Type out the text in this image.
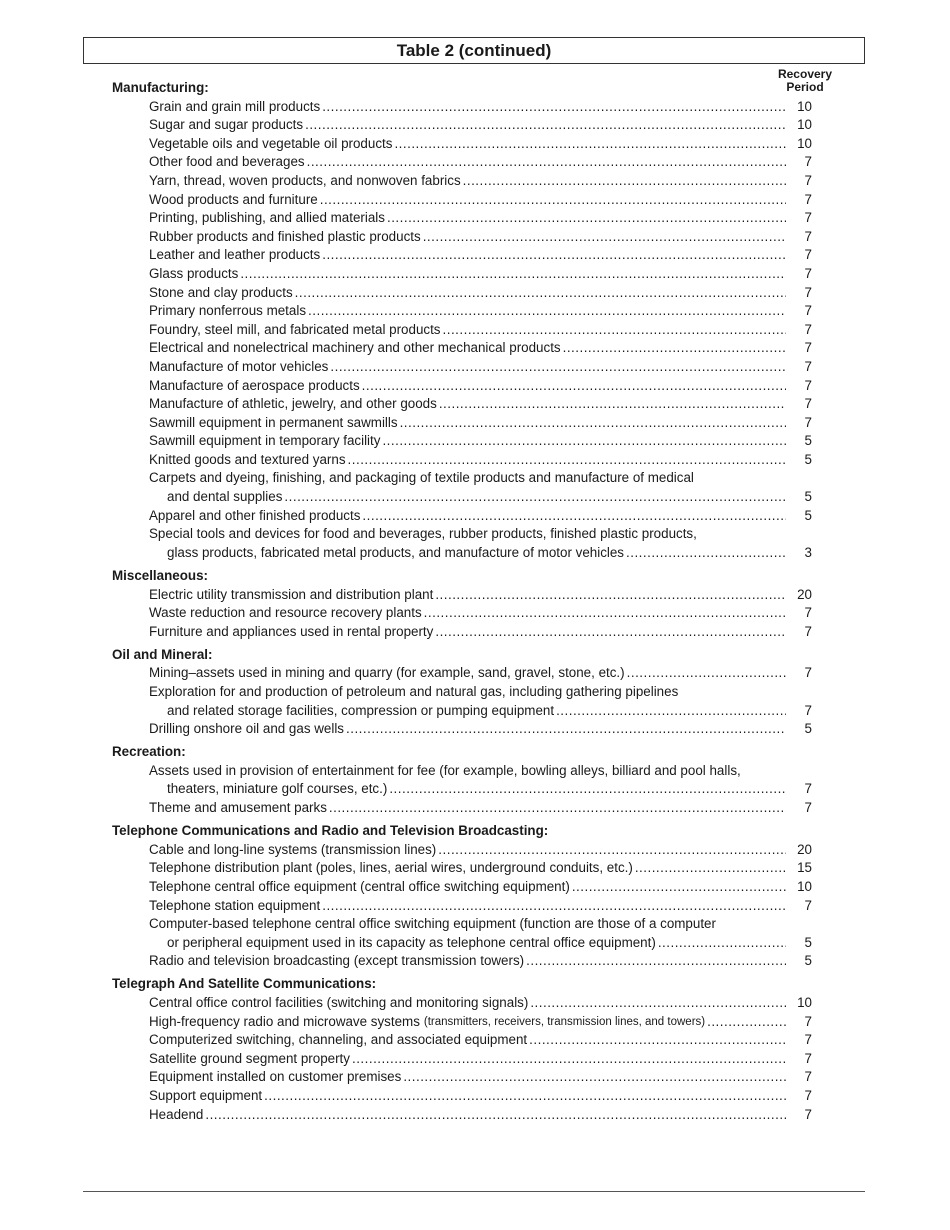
Table 2 (continued)
Recovery
Period
Manufacturing:
Grain and grain mill products .....	10
Sugar and sugar products .....	10
Vegetable oils and vegetable oil products .....	10
Other food and beverages .....	7
Yarn, thread, woven products, and nonwoven fabrics .....	7
Wood products and furniture .....	7
Printing, publishing, and allied materials .....	7
Rubber products and finished plastic products .....	7
Leather and leather products .....	7
Glass products .....	7
Stone and clay products .....	7
Primary nonferrous metals .....	7
Foundry, steel mill, and fabricated metal products .....	7
Electrical and nonelectrical machinery and other mechanical products .....	7
Manufacture of motor vehicles .....	7
Manufacture of aerospace products .....	7
Manufacture of athletic, jewelry, and other goods .....	7
Sawmill equipment in permanent sawmills .....	7
Sawmill equipment in temporary facility .....	5
Knitted goods and textured yarns .....	5
Carpets and dyeing, finishing, and packaging of textile products and manufacture of medical
and dental supplies .....	5
Apparel and other finished products .....	5
Special tools and devices for food and beverages, rubber products, finished plastic products,
glass products, fabricated metal products, and manufacture of motor vehicles .....	3
Miscellaneous:
Electric utility transmission and distribution plant .....	20
Waste reduction and resource recovery plants .....	7
Furniture and appliances used in rental property .....	7
Oil and Mineral:
Mining–assets used in mining and quarry (for example, sand, gravel, stone, etc.) .....	7
Exploration for and production of petroleum and natural gas, including gathering pipelines
and related storage facilities, compression or pumping equipment .....	7
Drilling onshore oil and gas wells .....	5
Recreation:
Assets used in provision of entertainment for fee (for example, bowling alleys, billiard and pool halls,
theaters, miniature golf courses, etc.) .....	7
Theme and amusement parks .....	7
Telephone Communications and Radio and Television Broadcasting:
Cable and long-line systems (transmission lines) .....	20
Telephone distribution plant (poles, lines, aerial wires, underground conduits, etc.) .....	15
Telephone central office equipment (central office switching equipment) .....	10
Telephone station equipment .....	7
Computer-based telephone central office switching equipment (function are those of a computer
or peripheral equipment used in its capacity as telephone central office equipment) .....	5
Radio and television broadcasting (except transmission towers) .....	5
Telegraph And Satellite Communications:
Central office control facilities (switching and monitoring signals) .....	10
High-frequency radio and microwave systems (transmitters, receivers, transmission lines, and towers) .....	7
Computerized switching, channeling, and associated equipment .....	7
Satellite ground segment property .....	7
Equipment installed on customer premises .....	7
Support equipment .....	7
Headend .....	7
